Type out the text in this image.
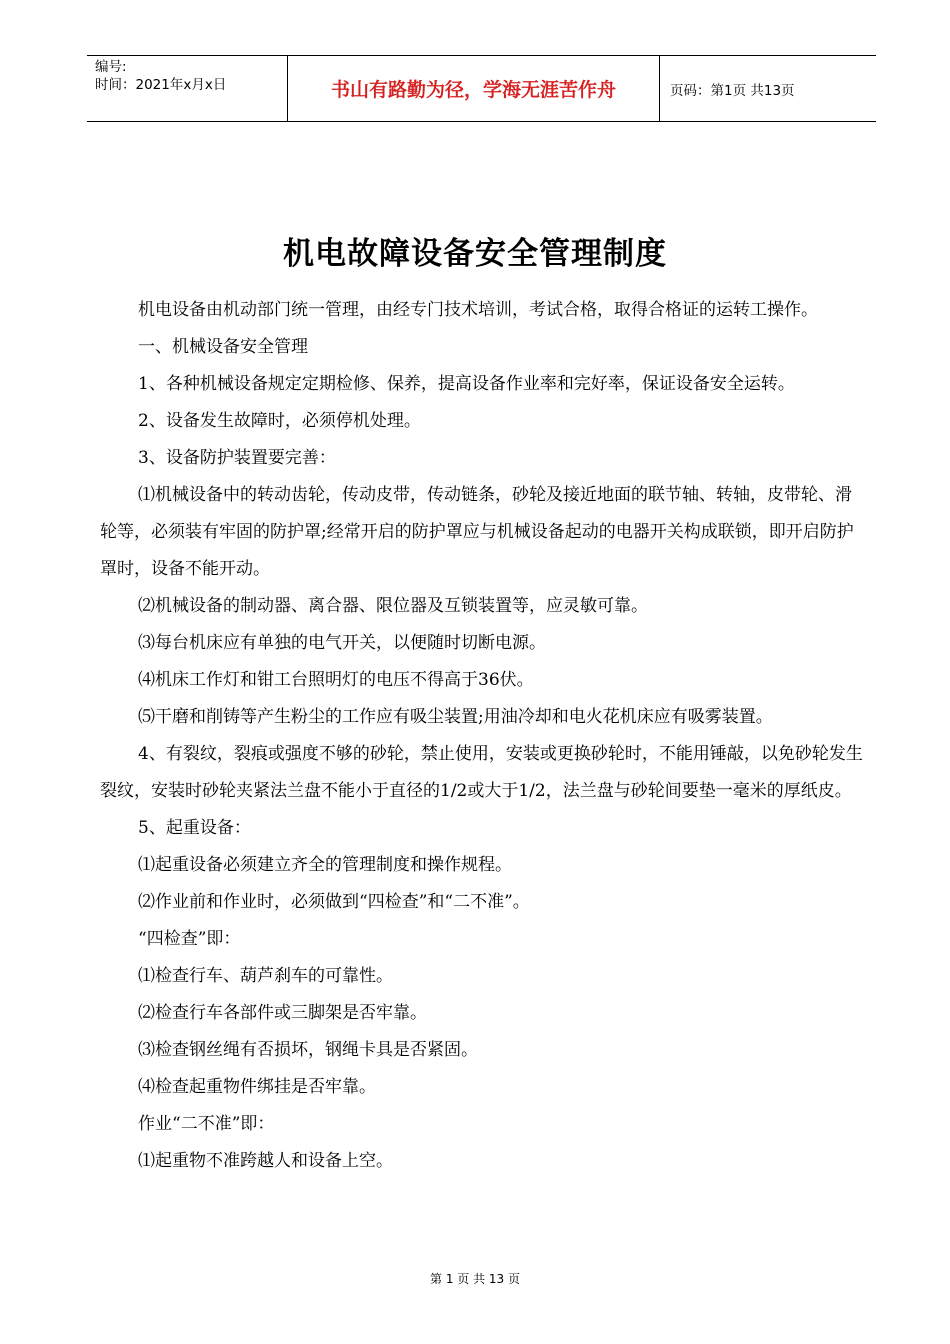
编号:
时间：2021年x月x日	书山有路勤为径，学海无涯苦作舟	页码：第1页 共13页
机电故障设备安全管理制度

机电设备由机动部门统一管理，由经专门技术培训，考试合格，取得合格证的运转工操作。

一、机械设备安全管理

1、各种机械设备规定定期检修、保养，提高设备作业率和完好率，保证设备安全运转。

2、设备发生故障时，必须停机处理。

3、设备防护装置要完善：

⑴机械设备中的转动齿轮，传动皮带，传动链条，砂轮及接近地面的联节轴、转轴，皮带轮、滑轮等，必须装有牢固的防护罩;经常开启的防护罩应与机械设备起动的电器开关构成联锁，即开启防护罩时，设备不能开动。

⑵机械设备的制动器、离合器、限位器及互锁装置等，应灵敏可靠。

⑶每台机床应有单独的电气开关，以便随时切断电源。

⑷机床工作灯和钳工台照明灯的电压不得高于36伏。

⑸干磨和削铸等产生粉尘的工作应有吸尘装置;用油冷却和电火花机床应有吸雾装置。

4、有裂纹，裂痕或强度不够的砂轮，禁止使用，安装或更换砂轮时，不能用锤敲，以免砂轮发生裂纹，安装时砂轮夹紧法兰盘不能小于直径的1/2或大于1/2，法兰盘与砂轮间要垫一毫米的厚纸皮。

5、起重设备：

⑴起重设备必须建立齐全的管理制度和操作规程。

⑵作业前和作业时，必须做到“四检查”和“二不准”。

“四检查”即：

⑴检查行车、葫芦刹车的可靠性。

⑵检查行车各部件或三脚架是否牢靠。

⑶检查钢丝绳有否损坏，钢绳卡具是否紧固。

⑷检查起重物件绑挂是否牢靠。

作业“二不准”即：

⑴起重物不准跨越人和设备上空。

第 1 页 共 13 页
